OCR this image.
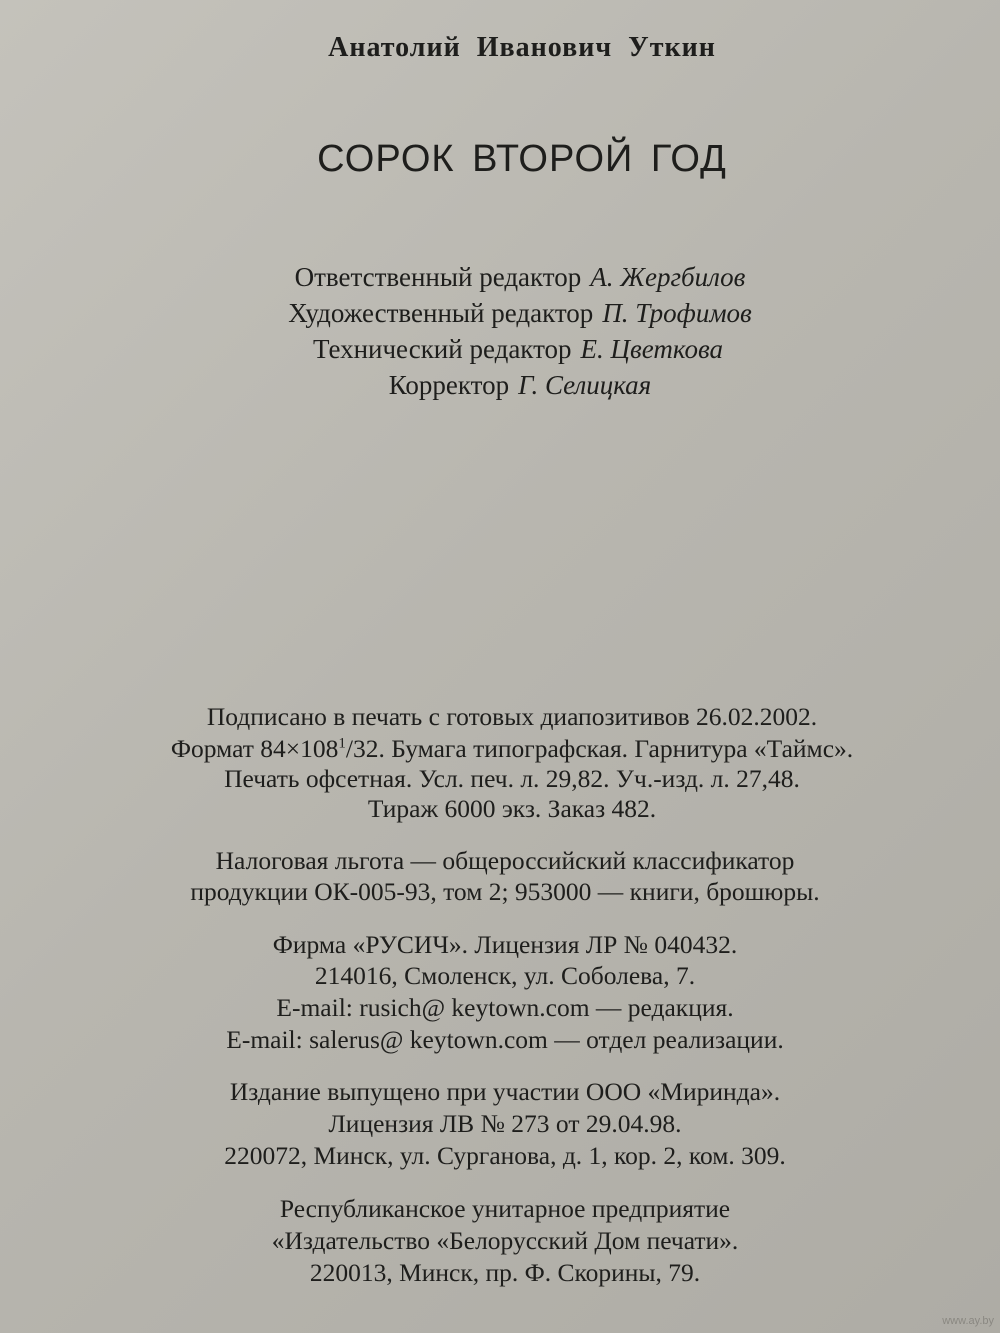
Анатолий Иванович Уткин
СОРОК ВТОРОЙ ГОД
Ответственный редактор А. Жергбилов
Художественный редактор П. Трофимов
Технический редактор Е. Цветкова
Корректор Г. Селицкая
Подписано в печать с готовых диапозитивов 26.02.2002.
Формат $84\times 108^1/32$. Бумага типографская. Гарнитура «Таймс».
Печать офсетная. Усл. печ. л. 29,82. Уч.-изд. л. 27,48.
Тираж 6000 экз. Заказ 482.
Налоговая льгота — общероссийский классификатор
продукции ОК-005-93, том 2; 953000 — книги, брошюры.
Фирма «РУСИЧ». Лицензия ЛР № 040432.
214016, Смоленск, ул. Соболева, 7.
E-mail: rusich@ keytown.com — редакция.
E-mail: salerus@ keytown.com — отдел реализации.
Издание выпущено при участии ООО «Миринда».
Лицензия ЛВ № 273 от 29.04.98.
220072, Минск, ул. Сурганова, д. 1, кор. 2, ком. 309.
Республиканское унитарное предприятие
«Издательство «Белорусский Дом печати».
220013, Минск, пр. Ф. Скорины, 79.
www.ay.by
